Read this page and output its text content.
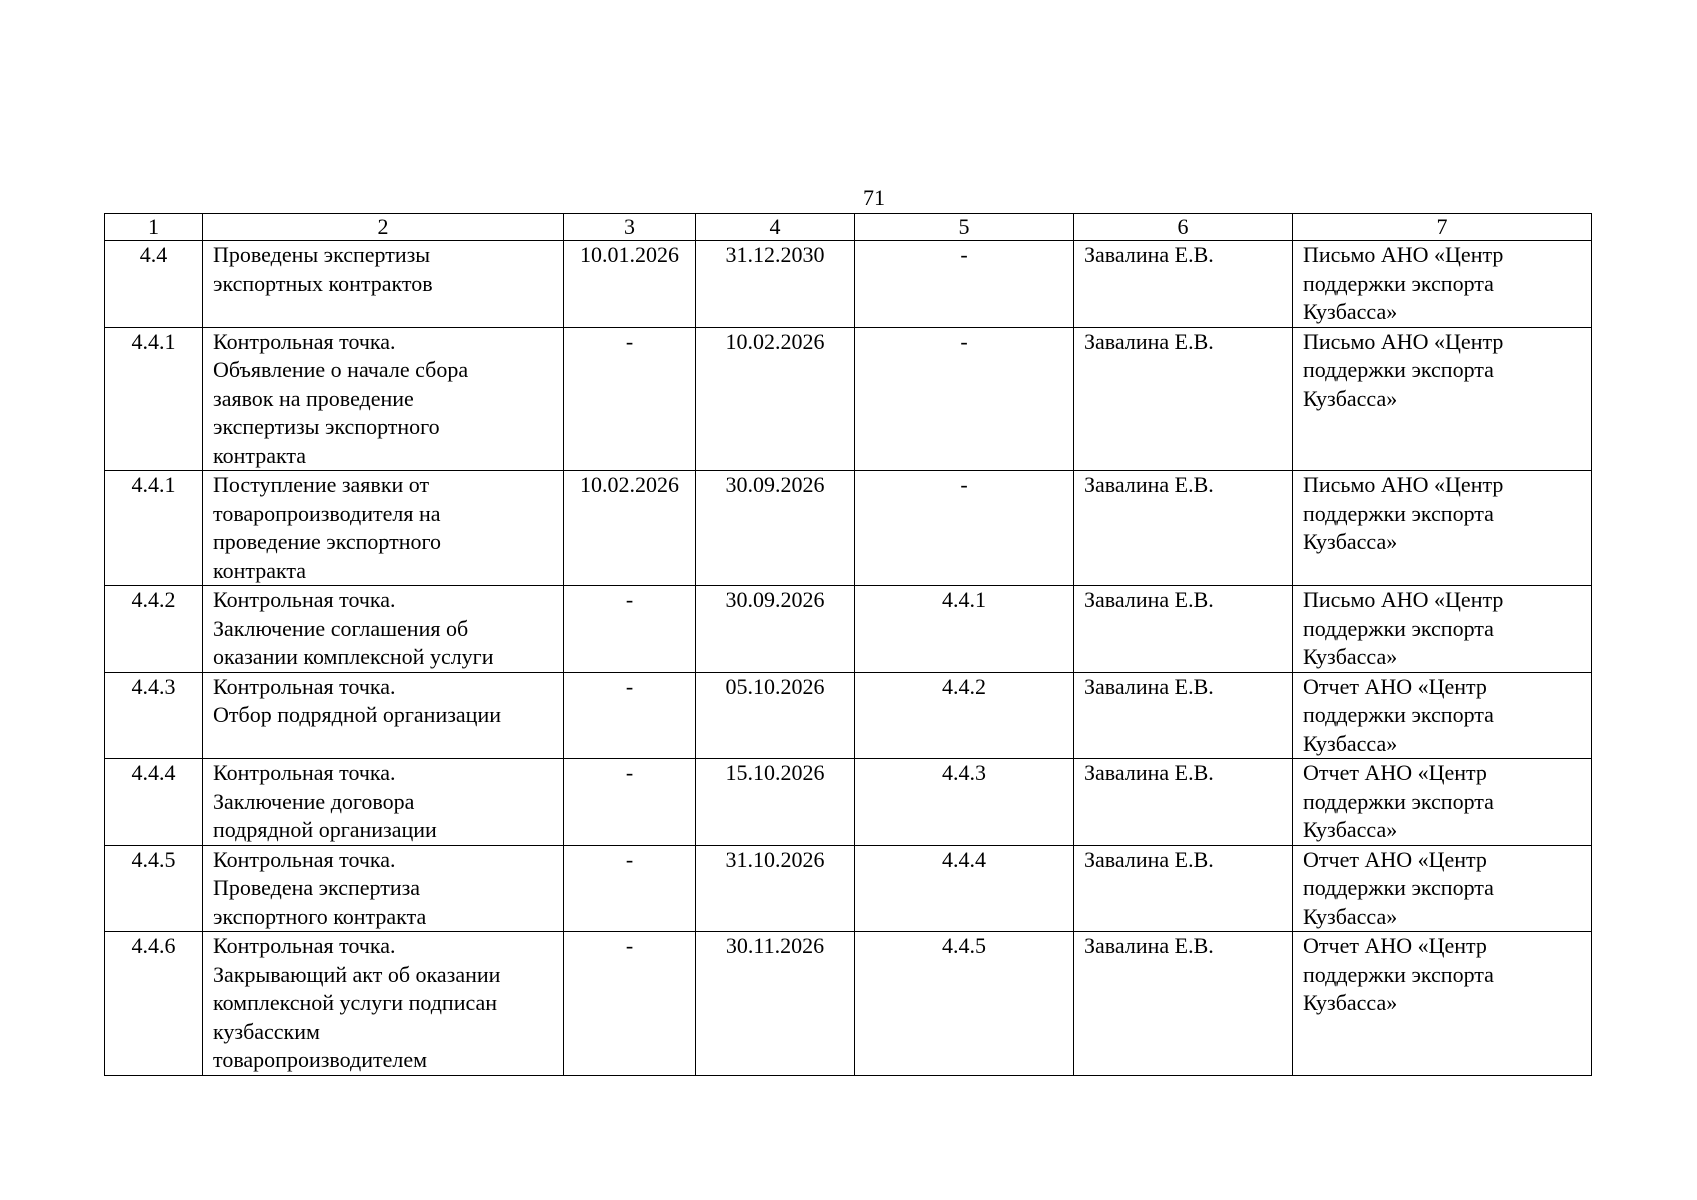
71
1	2	3	4	5	6	7
4.4	Проведены экспертизы
экспортных контрактов	10.01.2026	31.12.2030	-	Завалина Е.В.	Письмо АНО «Центр поддержки экспорта Кузбасса»
4.4.1	Контрольная точка.
Объявление о начале сбора
заявок на проведение
экспертизы экспортного
контракта	-	10.02.2026	-	Завалина Е.В.	Письмо АНО «Центр поддержки экспорта Кузбасса»
4.4.1	Поступление заявки от
товаропроизводителя на
проведение экспортного
контракта	10.02.2026	30.09.2026	-	Завалина Е.В.	Письмо АНО «Центр поддержки экспорта Кузбасса»
4.4.2	Контрольная точка.
Заключение соглашения об
оказании комплексной услуги	-	30.09.2026	4.4.1	Завалина Е.В.	Письмо АНО «Центр поддержки экспорта Кузбасса»
4.4.3	Контрольная точка.
Отбор подрядной организации	-	05.10.2026	4.4.2	Завалина Е.В.	Отчет АНО «Центр поддержки экспорта Кузбасса»
4.4.4	Контрольная точка.
Заключение договора
подрядной организации	-	15.10.2026	4.4.3	Завалина Е.В.	Отчет АНО «Центр поддержки экспорта Кузбасса»
4.4.5	Контрольная точка.
Проведена экспертиза
экспортного контракта	-	31.10.2026	4.4.4	Завалина Е.В.	Отчет АНО «Центр поддержки экспорта Кузбасса»
4.4.6	Контрольная точка.
Закрывающий акт об оказании
комплексной услуги подписан
кузбасским
товаропроизводителем	-	30.11.2026	4.4.5	Завалина Е.В.	Отчет АНО «Центр поддержки экспорта Кузбасса»
